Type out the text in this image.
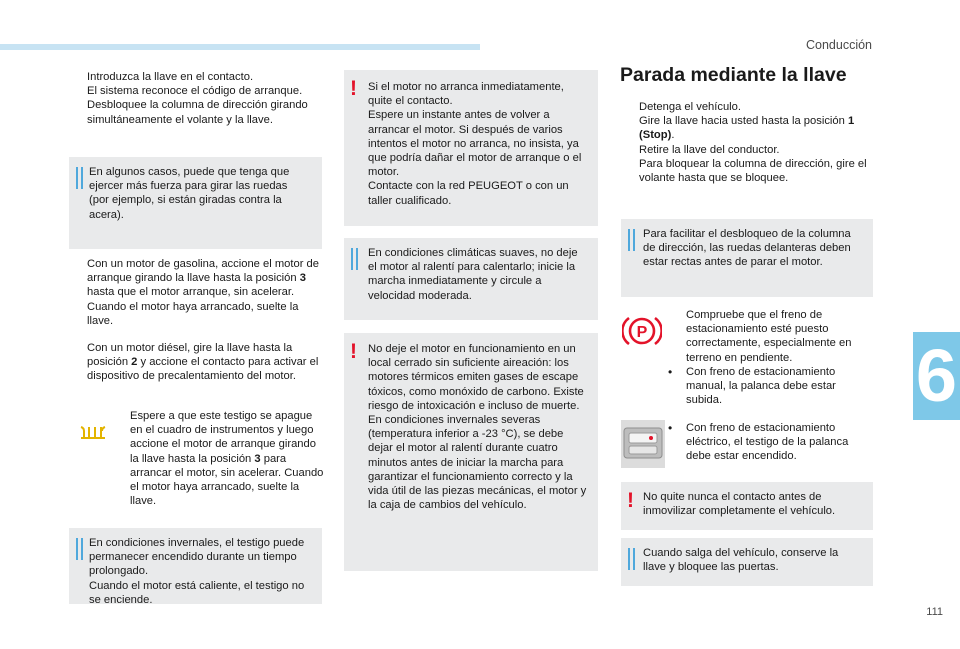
Conducción
6
111
Introduzca la llave en el contacto.
El sistema reconoce el código de arranque.
Desbloquee la columna de dirección girando simultáneamente el volante y la llave.
En algunos casos, puede que tenga que ejercer más fuerza para girar las ruedas (por ejemplo, si están giradas contra la acera).
Con un motor de gasolina, accione el motor de arranque girando la llave hasta la posición 3 hasta que el motor arranque, sin acelerar. Cuando el motor haya arrancado, suelte la llave.
Con un motor diésel, gire la llave hasta la posición 2 y accione el contacto para activar el dispositivo de precalentamiento del motor.
Espere a que este testigo se apague en el cuadro de instrumentos y luego accione el motor de arranque girando la llave hasta la posición 3 para arrancar el motor, sin acelerar. Cuando el motor haya arrancado, suelte la llave.

En condiciones invernales, el testigo puede permanecer encendido durante un tiempo prolongado.

Cuando el motor está caliente, el testigo no se enciende.

! Si el motor no arranca inmediatamente, quite el contacto.

Espere un instante antes de volver a arrancar el motor. Si después de varios intentos el motor no arranca, no insista, ya que podría dañar el motor de arranque o el motor.

Contacte con la red PEUGEOT o con un taller cualificado.

En condiciones climáticas suaves, no deje el motor al ralentí para calentarlo; inicie la marcha inmediatamente y circule a velocidad moderada.
! No deje el motor en funcionamiento en un local cerrado sin suficiente aireación: los motores térmicos emiten gases de escape tóxicos, como monóxido de carbono. Existe riesgo de intoxicación e incluso de muerte.

En condiciones invernales severas (temperatura inferior a -23 °C), se debe dejar el motor al ralentí durante cuatro minutos antes de iniciar la marcha para garantizar el funcionamiento correcto y la vida útil de las piezas mecánicas, el motor y la caja de cambios del vehículo.

Parada mediante la llave
Detenga el vehículo.
Gire la llave hacia usted hasta la posición 1 (Stop).
Retire la llave del conductor.
Para bloquear la columna de dirección, gire el volante hasta que se bloquee.
Para facilitar el desbloqueo de la columna de dirección, las ruedas delanteras deben estar rectas antes de parar el motor.
P
Compruebe que el freno de estacionamiento esté puesto correctamente, especialmente en terreno en pendiente.
•	Con freno de estacionamiento manual, la palanca debe estar subida.
•	Con freno de estacionamiento eléctrico, el testigo de la palanca debe estar encendido.
! No quite nunca el contacto antes de inmovilizar completamente el vehículo.
Cuando salga del vehículo, conserve la llave y bloquee las puertas.
